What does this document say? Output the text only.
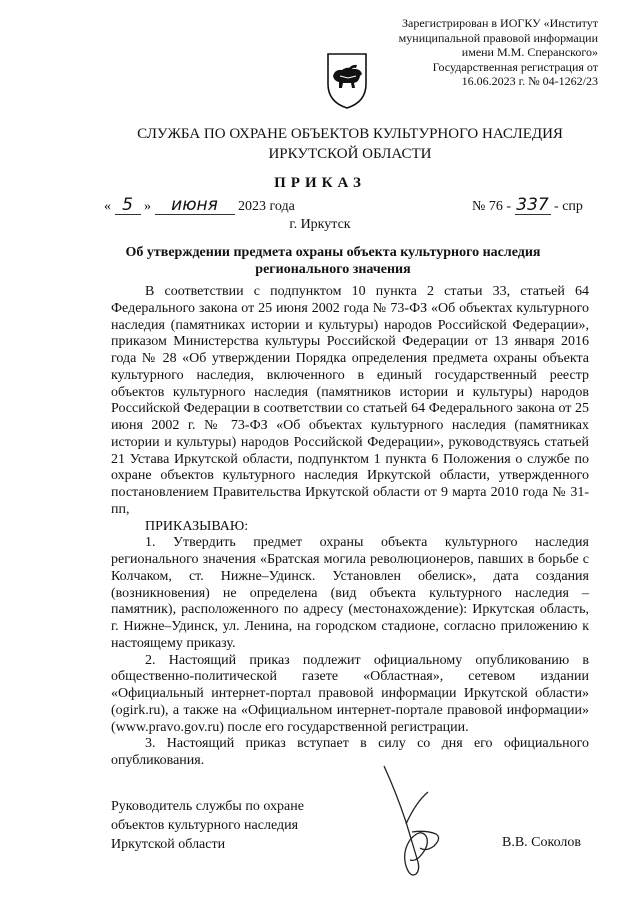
Зарегистрирован в ИОГКУ «Институт
муниципальной правовой информации
имени М.М. Сперанского»
Государственная регистрация от
16.06.2023 г. № 04-1262/23
СЛУЖБА ПО ОХРАНЕ ОБЪЕКТОВ КУЛЬТУРНОГО НАСЛЕДИЯ
ИРКУТСКОЙ ОБЛАСТИ
ПРИКАЗ
« 5 » июня 2023 года	№ 76 - 337 - спр
г. Иркутск
Об утверждении предмета охраны объекта культурного наследия регионального значения

В соответствии с подпунктом 10 пункта 2 статьи 33, статьей 64 Федерального закона от 25 июня 2002 года № 73-ФЗ «Об объектах культурного наследия (памятниках истории и культуры) народов Российской Федерации», приказом Министерства культуры Российской Федерации от 13 января 2016 года № 28 «Об утверждении Порядка определения предмета охраны объекта культурного наследия, включенного в единый государственный реестр объектов культурного наследия (памятников истории и культуры) народов Российской Федерации в соответствии со статьей 64 Федерального закона от 25 июня 2002 г. № 73-ФЗ «Об объектах культурного наследия (памятниках истории и культуры) народов Российской Федерации», руководствуясь статьей 21 Устава Иркутской области, подпунктом 1 пункта 6 Положения о службе по охране объектов культурного наследия Иркутской области, утвержденного постановлением Правительства Иркутской области от 9 марта 2010 года № 31-пп,

ПРИКАЗЫВАЮ:

1. Утвердить предмет охраны объекта культурного наследия регионального значения «Братская могила революционеров, павших в борьбе с Колчаком, ст. Нижне–Удинск. Установлен обелиск», дата создания (возникновения) не определена (вид объекта культурного наследия – памятник), расположенного по адресу (местонахождение): Иркутская область, г. Нижне–Удинск, ул. Ленина, на городском стадионе, согласно приложению к настоящему приказу.

2. Настоящий приказ подлежит официальному опубликованию в общественно-политической газете «Областная», сетевом издании «Официальный интернет-портал правовой информации Иркутской области» (ogirk.ru), а также на «Официальном интернет-портале правовой информации» (www.pravo.gov.ru) после его государственной регистрации.

3. Настоящий приказ вступает в силу со дня его официального опубликования.

Руководитель службы по охране
объектов культурного наследия
Иркутской области	В.В. Соколов
